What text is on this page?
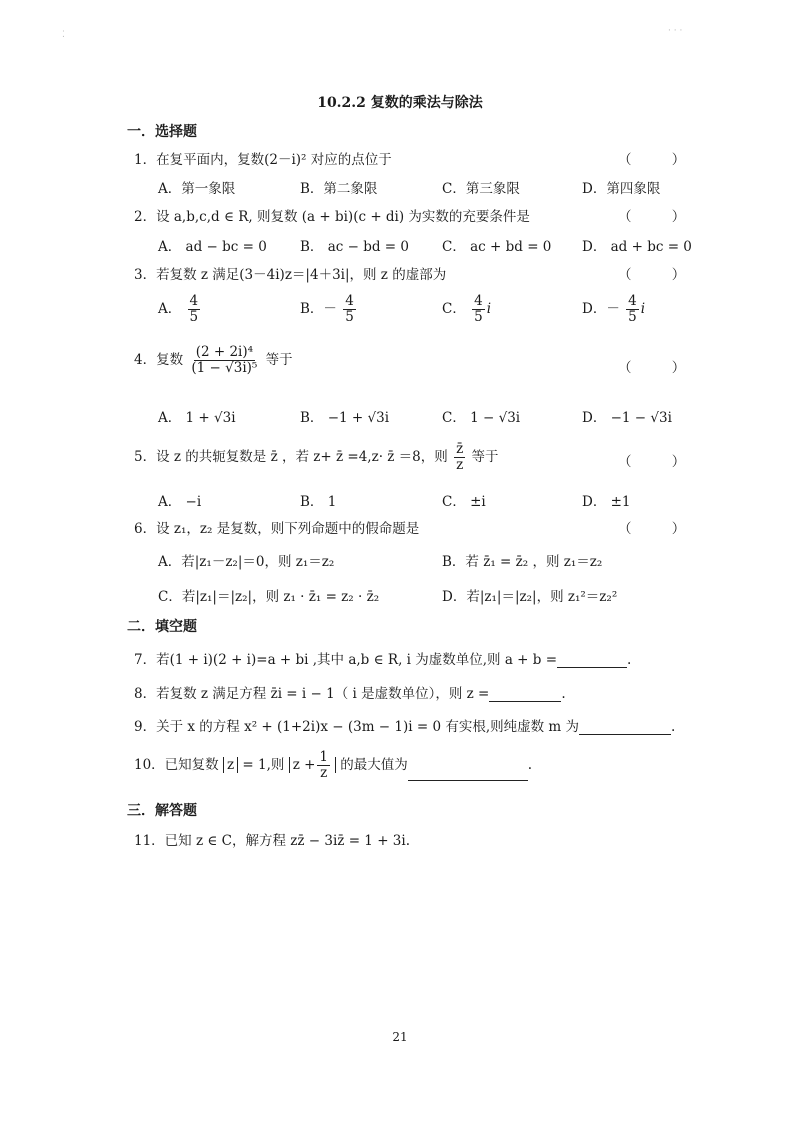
⁚	· · ·
10.2.2 复数的乘法与除法
一．选择题
1．在复平面内，复数(2－i)² 对应的点位于	（ ）
A．第一象限	B．第二象限	C．第三象限	D．第四象限
2．设 a,b,c,d ∈ R, 则复数 (a + bi)(c + di) 为实数的充要条件是	（ ）
A． ad − bc = 0 B． ac − bd = 0 C． ac + bd = 0 D． ad + bc = 0
3．若复数 z 满足(3－4i)z＝|4＋3i|，则 z 的虚部为	（ ）
A． $\frac{4}{5}$	B．－ $\frac{4}{5}$	C． $\frac{4}{5}$ i	D．－ $\frac{4}{5}$ i
4．复数 $\frac{\text{(2 + 2i)⁴}}{\text{(1 − √3i)⁵}}$ 等于
（ ）
A． 1 + √3i	B． −1 + √3i	C． 1 − √3i	D． −1 − √3i
5．设 z 的共轭复数是 z̄ ，若 z+ z̄ =4,z· z̄ ＝8，则 $\frac{z̄}{z}$ 等于	（ ）
A． −i	B． 1	C． ±i	D． ±1
6．设 z₁，z₂ 是复数，则下列命题中的假命题是	（ ）
A．若|z₁－z₂|＝0，则 z₁＝z₂	B．若 z̄₁ = z̄₂ ，则 z₁＝z₂
C．若|z₁|＝|z₂|，则 z₁ · z̄₁ = z₂ · z̄₂	D．若|z₁|＝|z₂|，则 z₁²＝z₂²
二．填空题
7．若(1 + i)(2 + i)=a + bi ,其中 a,b ∈ R, i 为虚数单位,则 a + b =	.
8．若复数 z 满足方程 z̄i = i − 1（ i 是虚数单位），则 z =	.
9．关于 x 的方程 x² + (1+2i)x − (3m − 1)i = 0 有实根,则纯虚数 m 为	.
10．已知复数 z = 1,则 $z + \frac{1}{z}$ 的最大值为	.
三．解答题
11．已知 z ∈ C，解方程 zz̄ − 3iz̄ = 1 + 3i.
21
